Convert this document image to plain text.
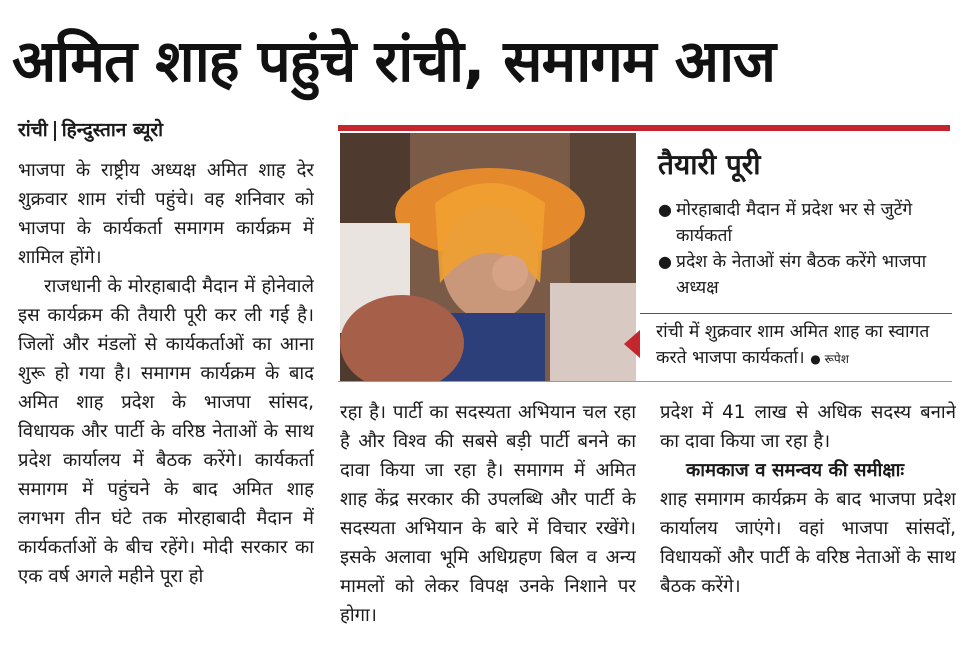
अमित शाह पहुंचे रांची, समागम आज
रांची हिन्दुस्तान ब्यूरो

भाजपा के राष्ट्रीय अध्यक्ष अमित शाह देर शुक्रवार शाम रांची पहुंचे। वह शनिवार को भाजपा के कार्यकर्ता समागम कार्यक्रम में शामिल होंगे।

राजधानी के मोरहाबादी मैदान में होनेवाले इस कार्यक्रम की तैयारी पूरी कर ली गई है। जिलों और मंडलों से कार्यकर्ताओं का आना शुरू हो गया है। समागम कार्यक्रम के बाद अमित शाह प्रदेश के भाजपा सांसद, विधायक और पार्टी के वरिष्ठ नेताओं के साथ प्रदेश कार्यालय में बैठक करेंगे। कार्यकर्ता समागम में पहुंचने के बाद अमित शाह लगभग तीन घंटे तक मोरहाबादी मैदान में कार्यकर्ताओं के बीच रहेंगे। मोदी सरकार का एक वर्ष अगले महीने पूरा हो

तैयारी पूरी
● मोरहाबादी मैदान में प्रदेश भर से जुटेंगे कार्यकर्ता
● प्रदेश के नेताओं संग बैठक करेंगे भाजपा अध्यक्ष
रांची में शुक्रवार शाम अमित शाह का स्वागत करते भाजपा कार्यकर्ता। ● रूपेश

रहा है। पार्टी का सदस्यता अभियान चल रहा है और विश्व की सबसे बड़ी पार्टी बनने का दावा किया जा रहा है। समागम में अमित शाह केंद्र सरकार की उपलब्धि और पार्टी के सदस्यता अभियान के बारे में विचार रखेंगे। इसके अलावा भूमि अधिग्रहण बिल व अन्य मामलों को लेकर विपक्ष उनके निशाने पर होगा।

प्रदेश में 41 लाख से अधिक सदस्य बनाने का दावा किया जा रहा है।

कामकाज व समन्वय की समीक्षाः

शाह समागम कार्यक्रम के बाद भाजपा प्रदेश कार्यालय जाएंगे। वहां भाजपा सांसदों, विधायकों और पार्टी के वरिष्ठ नेताओं के साथ बैठक करेंगे।
